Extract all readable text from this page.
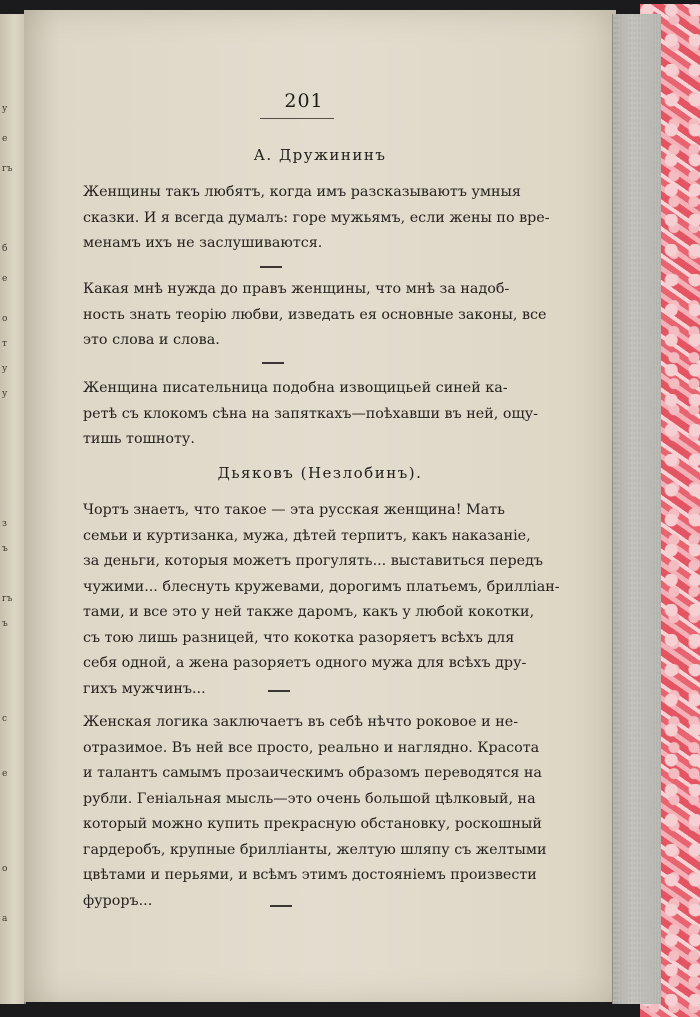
у
е
гъ
б
е
о
т
у
у
з
ъ
гъ
ъ
с
е
о
а
201
А. Дружининъ
Женщины такъ любятъ, когда имъ разсказываютъ умныя
сказки. И я всегда думалъ: горе мужьямъ, если жены по вре-
менамъ ихъ не заслушиваются.
Какая мнѣ нужда до правъ женщины, что мнѣ за надоб-
ность знать теорію любви, изведать ея основные законы, все
это слова и слова.
Женщина писательница подобна извощицьей синей ка-
ретѣ съ клокомъ сѣна на запяткахъ—поѣхавши въ ней, ощу-
тишь тошноту.
Дьяковъ (Незлобинъ).
Чортъ знаетъ, что такое — эта русская женщина! Мать
семьи и куртизанка, мужа, дѣтей терпитъ, какъ наказаніе,
за деньги, которыя можетъ прогулять... выставиться передъ
чужими... блеснуть кружевами, дорогимъ платьемъ, брилліан-
тами, и все это у ней также даромъ, какъ у любой кокотки,
съ тою лишь разницей, что кокотка разоряетъ всѣхъ для
себя одной, а жена разоряетъ одного мужа для всѣхъ дру-
гихъ мужчинъ...
Женская логика заключаетъ въ себѣ нѣчто роковое и не-
отразимое. Въ ней все просто, реально и наглядно. Красота
и талантъ самымъ прозаическимъ образомъ переводятся на
рубли. Геніальная мысль—это очень большой цѣлковый, на
который можно купить прекрасную обстановку, роскошный
гардеробъ, крупные брилліанты, желтую шляпу съ желтыми
цвѣтами и перьями, и всѣмъ этимъ достояніемъ произвести
фуроръ...
